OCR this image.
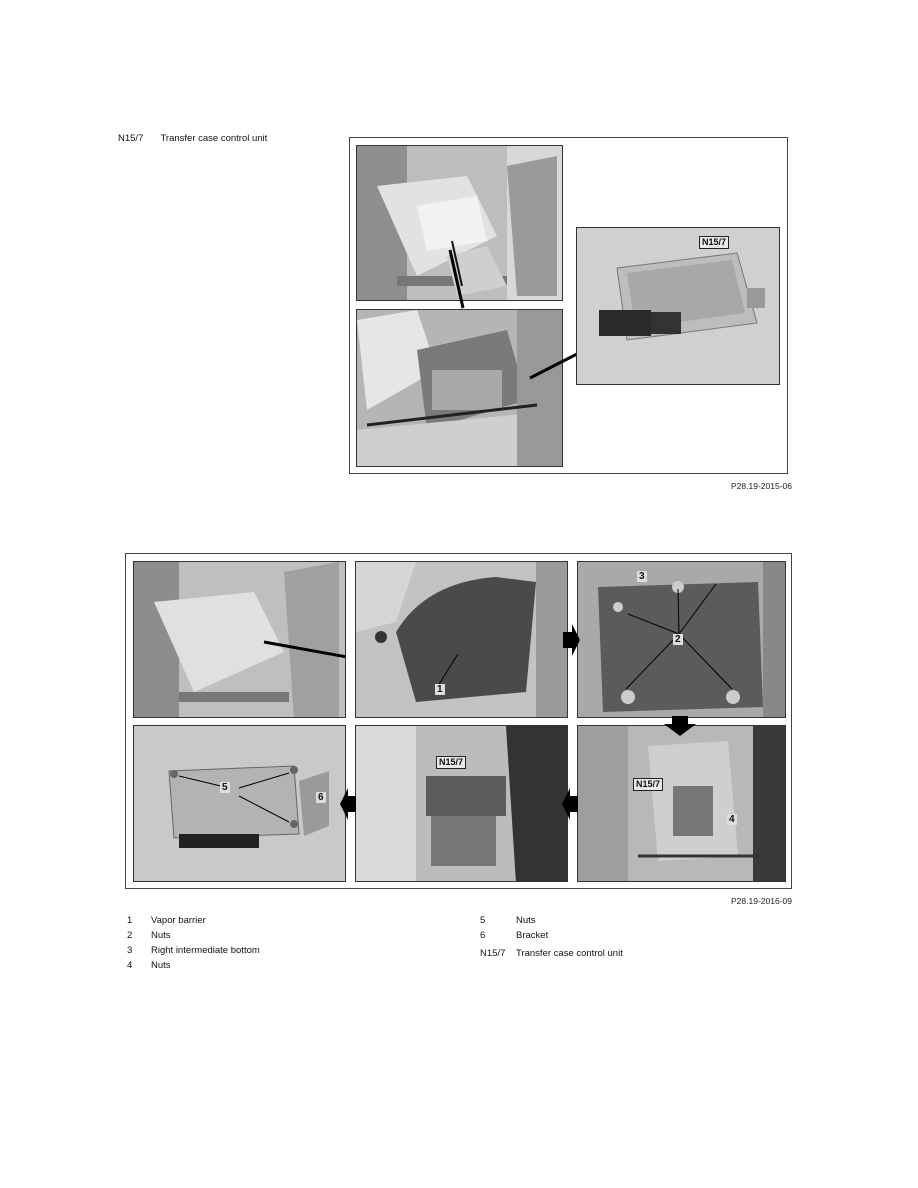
N15/7 Transfer case control unit
N15/7
P28.19-2015-06
1
2
3
4
5
6
N15/7
N15/7
P28.19-2016-09
1 Vapor barrier
2 Nuts
3 Right intermediate bottom
4 Nuts
5	Nuts
6	Bracket
N15/7 Transfer case control unit
